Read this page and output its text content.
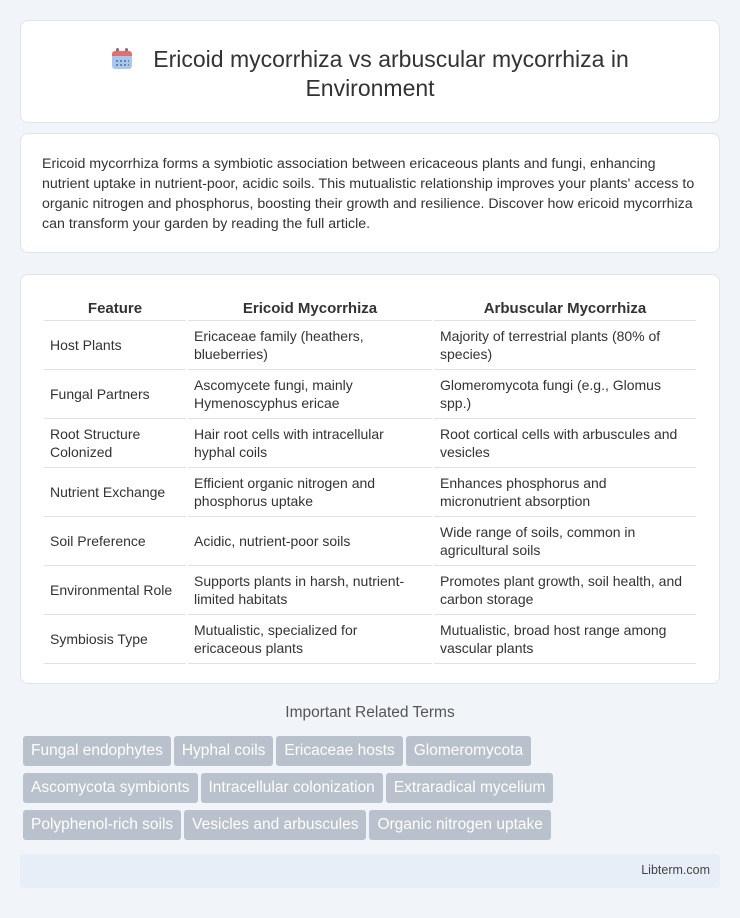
Ericoid mycorrhiza vs arbuscular mycorrhiza in Environment

Ericoid mycorrhiza forms a symbiotic association between ericaceous plants and fungi, enhancing nutrient uptake in nutrient-poor, acidic soils. This mutualistic relationship improves your plants' access to organic nitrogen and phosphorus, boosting their growth and resilience. Discover how ericoid mycorrhiza can transform your garden by reading the full article.

Feature	Ericoid Mycorrhiza	Arbuscular Mycorrhiza
Host Plants	Ericaceae family (heathers, blueberries)	Majority of terrestrial plants (80% of species)
Fungal Partners	Ascomycete fungi, mainly Hymenoscyphus ericae	Glomeromycota fungi (e.g., Glomus spp.)
Root Structure Colonized	Hair root cells with intracellular hyphal coils	Root cortical cells with arbuscules and vesicles
Nutrient Exchange	Efficient organic nitrogen and phosphorus uptake	Enhances phosphorus and micronutrient absorption
Soil Preference	Acidic, nutrient-poor soils	Wide range of soils, common in agricultural soils
Environmental Role	Supports plants in harsh, nutrient-limited habitats	Promotes plant growth, soil health, and carbon storage
Symbiosis Type	Mutualistic, specialized for ericaceous plants	Mutualistic, broad host range among vascular plants
Important Related Terms
Fungal endophytes Hyphal coils Ericaceae hosts Glomeromycota
Ascomycota symbionts Intracellular colonization Extraradical mycelium
Polyphenol-rich soils Vesicles and arbuscules Organic nitrogen uptake
Libterm.com
